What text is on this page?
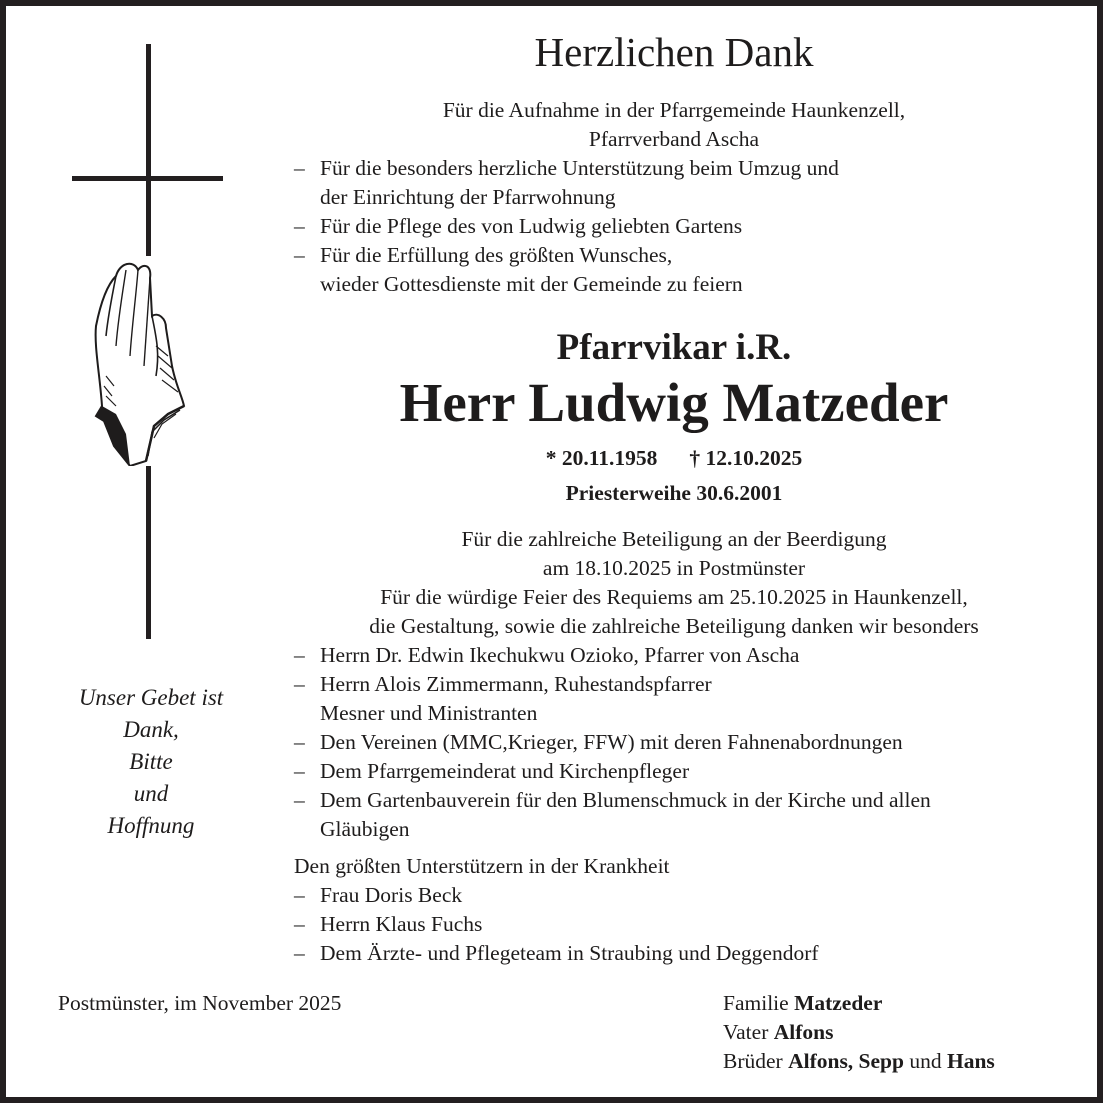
Unser Gebet ist
Dank,
Bitte
und
Hoffnung
Herzlichen Dank
Für die Aufnahme in der Pfarrgemeinde Haunkenzell,
Pfarrverband Ascha
– Für die besonders herzliche Unterstützung beim Umzug und
der Einrichtung der Pfarrwohnung
– Für die Pflege des von Ludwig geliebten Gartens
– Für die Erfüllung des größten Wunsches,
wieder Gottesdienste mit der Gemeinde zu feiern
Pfarrvikar i.R.
Herr Ludwig Matzeder
* 20.11.1958 † 12.10.2025
Priesterweihe 30.6.2001
Für die zahlreiche Beteiligung an der Beerdigung
am 18.10.2025 in Postmünster
Für die würdige Feier des Requiems am 25.10.2025 in Haunkenzell,
die Gestaltung, sowie die zahlreiche Beteiligung danken wir besonders
– Herrn Dr. Edwin Ikechukwu Ozioko, Pfarrer von Ascha
– Herrn Alois Zimmermann, Ruhestandspfarrer
Mesner und Ministranten
– Den Vereinen (MMC,Krieger, FFW) mit deren Fahnenabordnungen
– Dem Pfarrgemeinderat und Kirchenpfleger
– Dem Gartenbauverein für den Blumenschmuck in der Kirche und allen
Gläubigen
Den größten Unterstützern in der Krankheit
– Frau Doris Beck
– Herrn Klaus Fuchs
– Dem Ärzte- und Pflegeteam in Straubing und Deggendorf
Postmünster, im November 2025	Familie Matzeder
Vater Alfons
Brüder Alfons, Sepp und Hans
